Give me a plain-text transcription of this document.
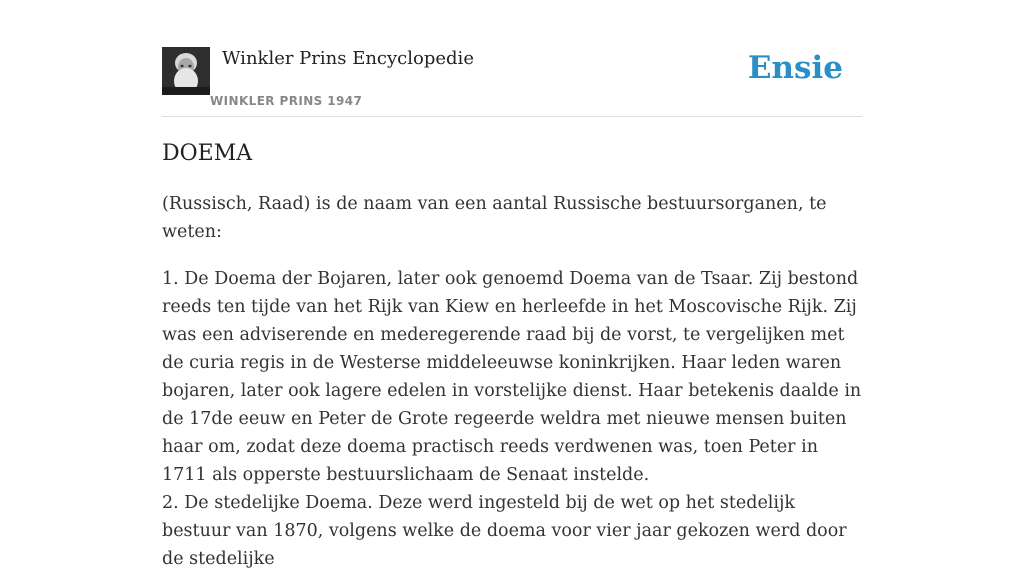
Winkler Prins Encyclopedie
WINKLER PRINS 1947
Ensie
DOEMA

(Russisch, Raad) is de naam van een aantal Russische bestuursorganen, te weten:

1. De Doema der Bojaren, later ook genoemd Doema van de Tsaar. Zij bestond reeds ten tijde van het Rijk van Kiew en herleefde in het Moscovische Rijk. Zij was een adviserende en mederegerende raad bij de vorst, te vergelijken met de curia regis in de Westerse middeleeuwse koninkrijken. Haar leden waren bojaren, later ook lagere edelen in vorstelijke dienst. Haar betekenis daalde in de 17de eeuw en Peter de Grote regeerde weldra met nieuwe mensen buiten haar om, zodat deze doema practisch reeds verdwenen was, toen Peter in 1711 als opperste bestuurslichaam de Senaat instelde.

2. De stedelijke Doema. Deze werd ingesteld bij de wet op het stedelijk bestuur van 1870, volgens welke de doema voor vier jaar gekozen werd door de stedelijke
